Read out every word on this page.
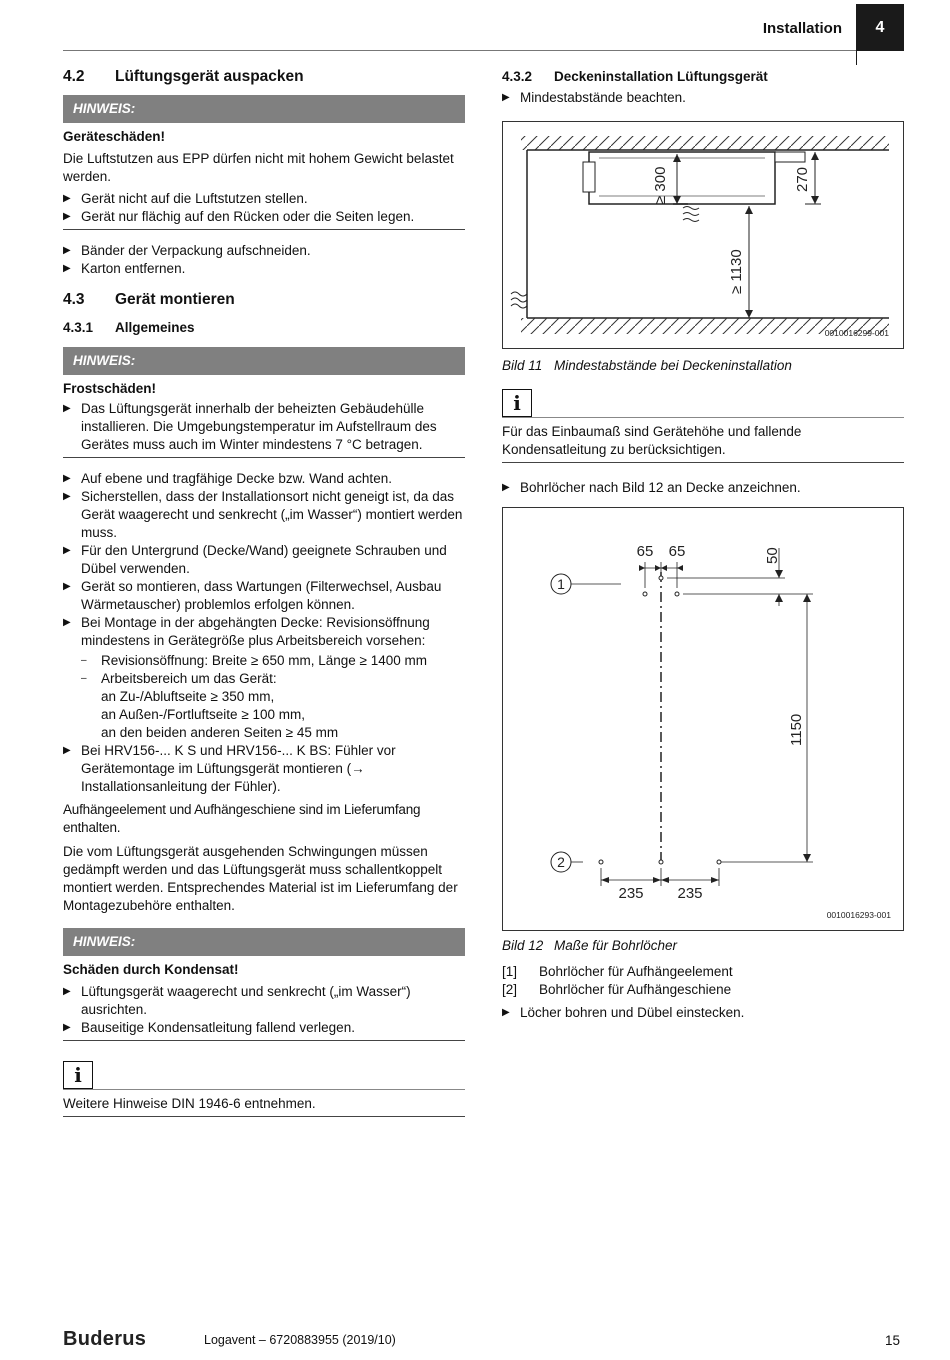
Installation	4
4.2	Lüftungsgerät auspacken
HINWEIS:

Geräteschäden!

Die Luftstutzen aus EPP dürfen nicht mit hohem Gewicht belastet werden.

▶ Gerät nicht auf die Luftstutzen stellen.
▶ Gerät nur flächig auf den Rücken oder die Seiten legen.
▶ Bänder der Verpackung aufschneiden.
▶ Karton entfernen.
4.3	Gerät montieren
4.3.1	Allgemeines
HINWEIS:

Frostschäden!

▶ Das Lüftungsgerät innerhalb der beheizten Gebäudehülle installieren. Die Umgebungstemperatur im Aufstellraum des Gerätes muss auch im Winter mindestens 7 °C betragen.
▶ Auf ebene und tragfähige Decke bzw. Wand achten.
▶ Sicherstellen, dass der Installationsort nicht geneigt ist, da das Gerät waagerecht und senkrecht („im Wasser“) montiert werden muss.
▶ Für den Untergrund (Decke/Wand) geeignete Schrauben und Dübel verwenden.
▶ Gerät so montieren, dass Wartungen (Filterwechsel, Ausbau Wärmetauscher) problemlos erfolgen können.
▶ Bei Montage in der abgehängten Decke: Revisionsöffnung mindestens in Gerätegröße plus Arbeitsbereich vorsehen:
– Revisionsöffnung: Breite ≥ 650 mm, Länge ≥ 1400 mm
– Arbeitsbereich um das Gerät:
an Zu-/Abluftseite ≥ 350 mm,
an Außen-/Fortluftseite ≥ 100 mm,
an den beiden anderen Seiten ≥ 45 mm
▶ Bei HRV156-... K S und HRV156-... K BS: Fühler vor Gerätemontage im Lüftungsgerät montieren (→ Installationsanleitung der Fühler).

Aufhängeelement und Aufhängeschiene sind im Lieferumfang enthalten.

Die vom Lüftungsgerät ausgehenden Schwingungen müssen gedämpft werden und das Lüftungsgerät muss schallentkoppelt montiert werden. Entsprechendes Material ist im Lieferumfang der Montagezubehöre enthalten.

HINWEIS:

Schäden durch Kondensat!

▶ Lüftungsgerät waagerecht und senkrecht („im Wasser“) ausrichten.
▶ Bauseitige Kondensatleitung fallend verlegen.
i
Weitere Hinweise DIN 1946-6 entnehmen.
4.3.2	Deckeninstallation Lüftungsgerät
▶ Mindestabstände beachten.
≥ 300	270
≥ 1130
0010016299-001

Bild 11 Mindestabstände bei Deckeninstallation

i
Für das Einbaumaß sind Gerätehöhe und fallende Kondensatleitung zu berücksichtigen.
▶ Bohrlöcher nach Bild 12 an Decke anzeichnen.
65 65	50
1150
235 235
1
2
0010016293-001

Bild 12 Maße für Bohrlöcher

[1]	Bohrlöcher für Aufhängeelement
[2]	Bohrlöcher für Aufhängeschiene
▶ Löcher bohren und Dübel einstecken.
Buderus	Logavent – 6720883955 (2019/10)	15
